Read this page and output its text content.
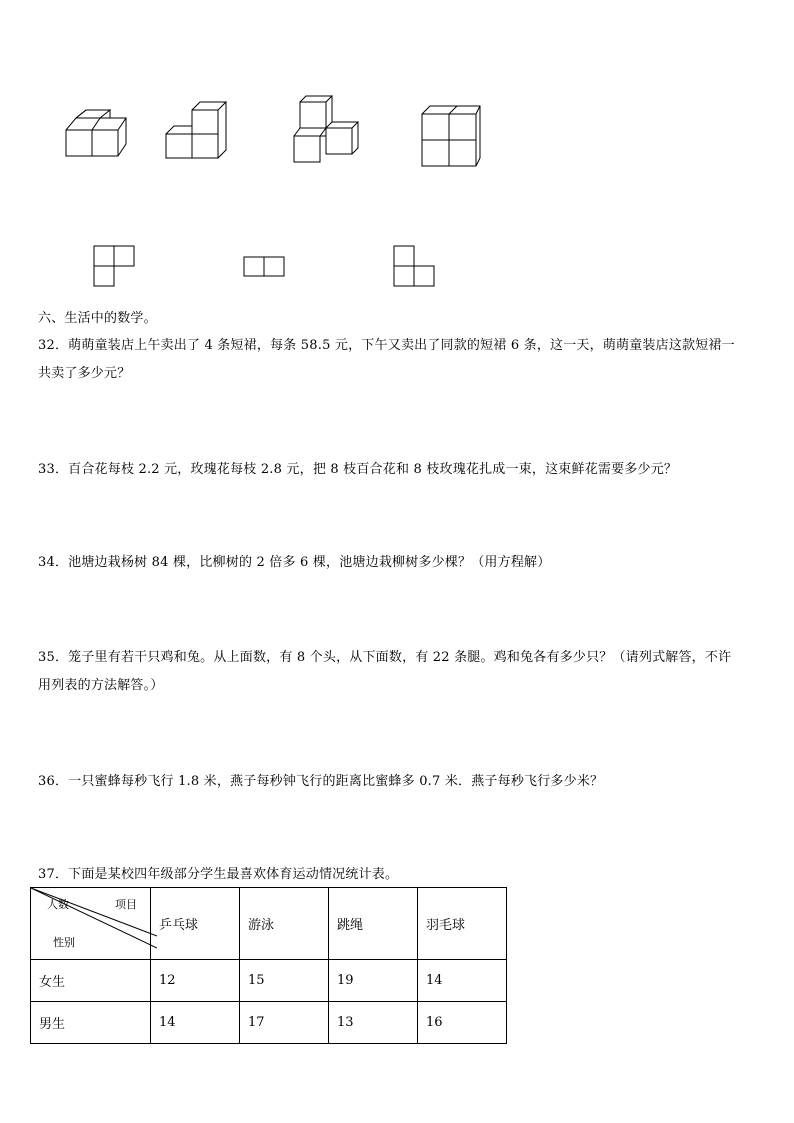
六、生活中的数学。
32．萌萌童装店上午卖出了 4 条短裙，每条 58.5 元，下午又卖出了同款的短裙 6 条，这一天，萌萌童装店这款短裙一
共卖了多少元？
33．百合花每枝 2.2 元，玫瑰花每枝 2.8 元，把 8 枝百合花和 8 枝玫瑰花扎成一束，这束鲜花需要多少元？
34．池塘边栽杨树 84 棵，比柳树的 2 倍多 6 棵，池塘边栽柳树多少棵？（用方程解）
35．笼子里有若干只鸡和兔。从上面数，有 8 个头，从下面数，有 22 条腿。鸡和兔各有多少只？（请列式解答，不许
用列表的方法解答。）
36．一只蜜蜂每秒飞行 1.8 米，燕子每秒钟飞行的距离比蜜蜂多 0.7 米．燕子每秒飞行多少米？
37．下面是某校四年级部分学生最喜欢体育运动情况统计表。
人数 项目
性别	乒乓球	游泳	跳绳	羽毛球
女生	12	15	19	14
男生	14	17	13	16
